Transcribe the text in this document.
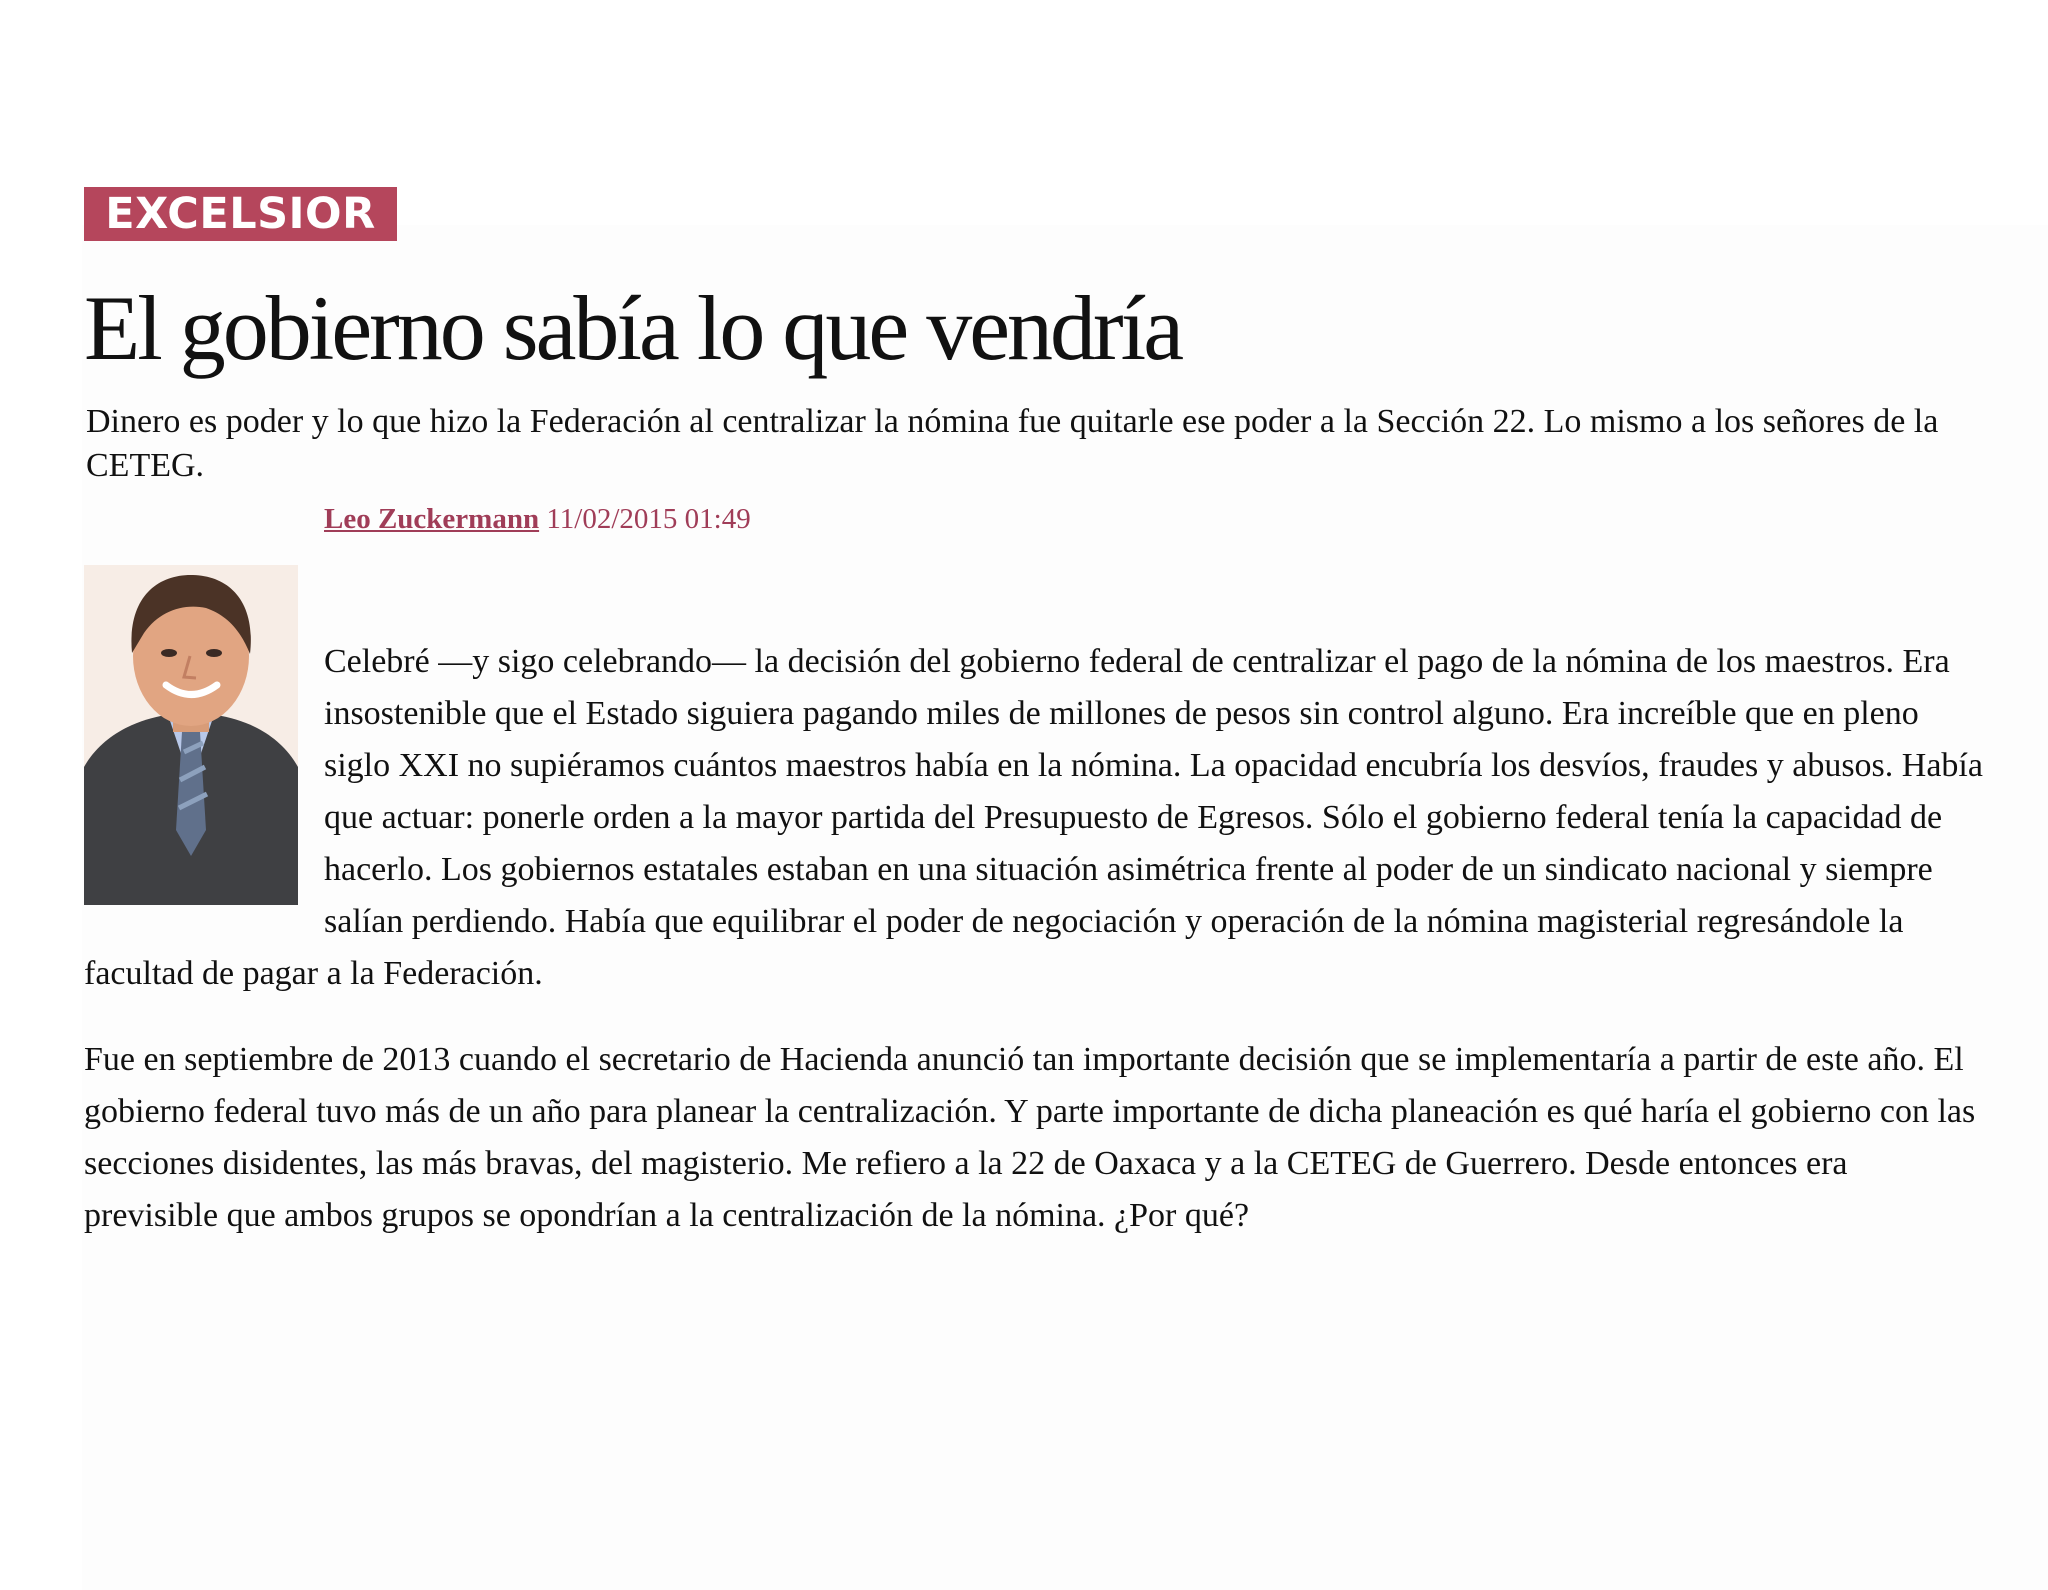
EXCELSIOR
El gobierno sabía lo que vendría

Dinero es poder y lo que hizo la Federación al centralizar la nómina fue quitarle ese poder a la Sección 22. Lo mismo a los señores de la CETEG.

Leo Zuckermann 11/02/2015 01:49

Celebré —y sigo celebrando— la decisión del gobierno federal de centralizar el pago de la nómina de los maestros. Era insostenible que el Estado siguiera pagando miles de millones de pesos sin control alguno. Era increíble que en pleno siglo XXI no supiéramos cuántos maestros había en la nómina. La opacidad encubría los desvíos, fraudes y abusos. Había que actuar: ponerle orden a la mayor partida del Presupuesto de Egresos. Sólo el gobierno federal tenía la capacidad de hacerlo. Los gobiernos estatales estaban en una situación asimétrica frente al poder de un sindicato nacional y siempre salían perdiendo. Había que equilibrar el poder de negociación y operación de la nómina magisterial regresándole la facultad de pagar a la Federación.

Fue en septiembre de 2013 cuando el secretario de Hacienda anunció tan importante decisión que se implementaría a partir de este año. El gobierno federal tuvo más de un año para planear la centralización. Y parte importante de dicha planeación es qué haría el gobierno con las secciones disidentes, las más bravas, del magisterio. Me refiero a la 22 de Oaxaca y a la CETEG de Guerrero. Desde entonces era previsible que ambos grupos se opondrían a la centralización de la nómina. ¿Por qué?
